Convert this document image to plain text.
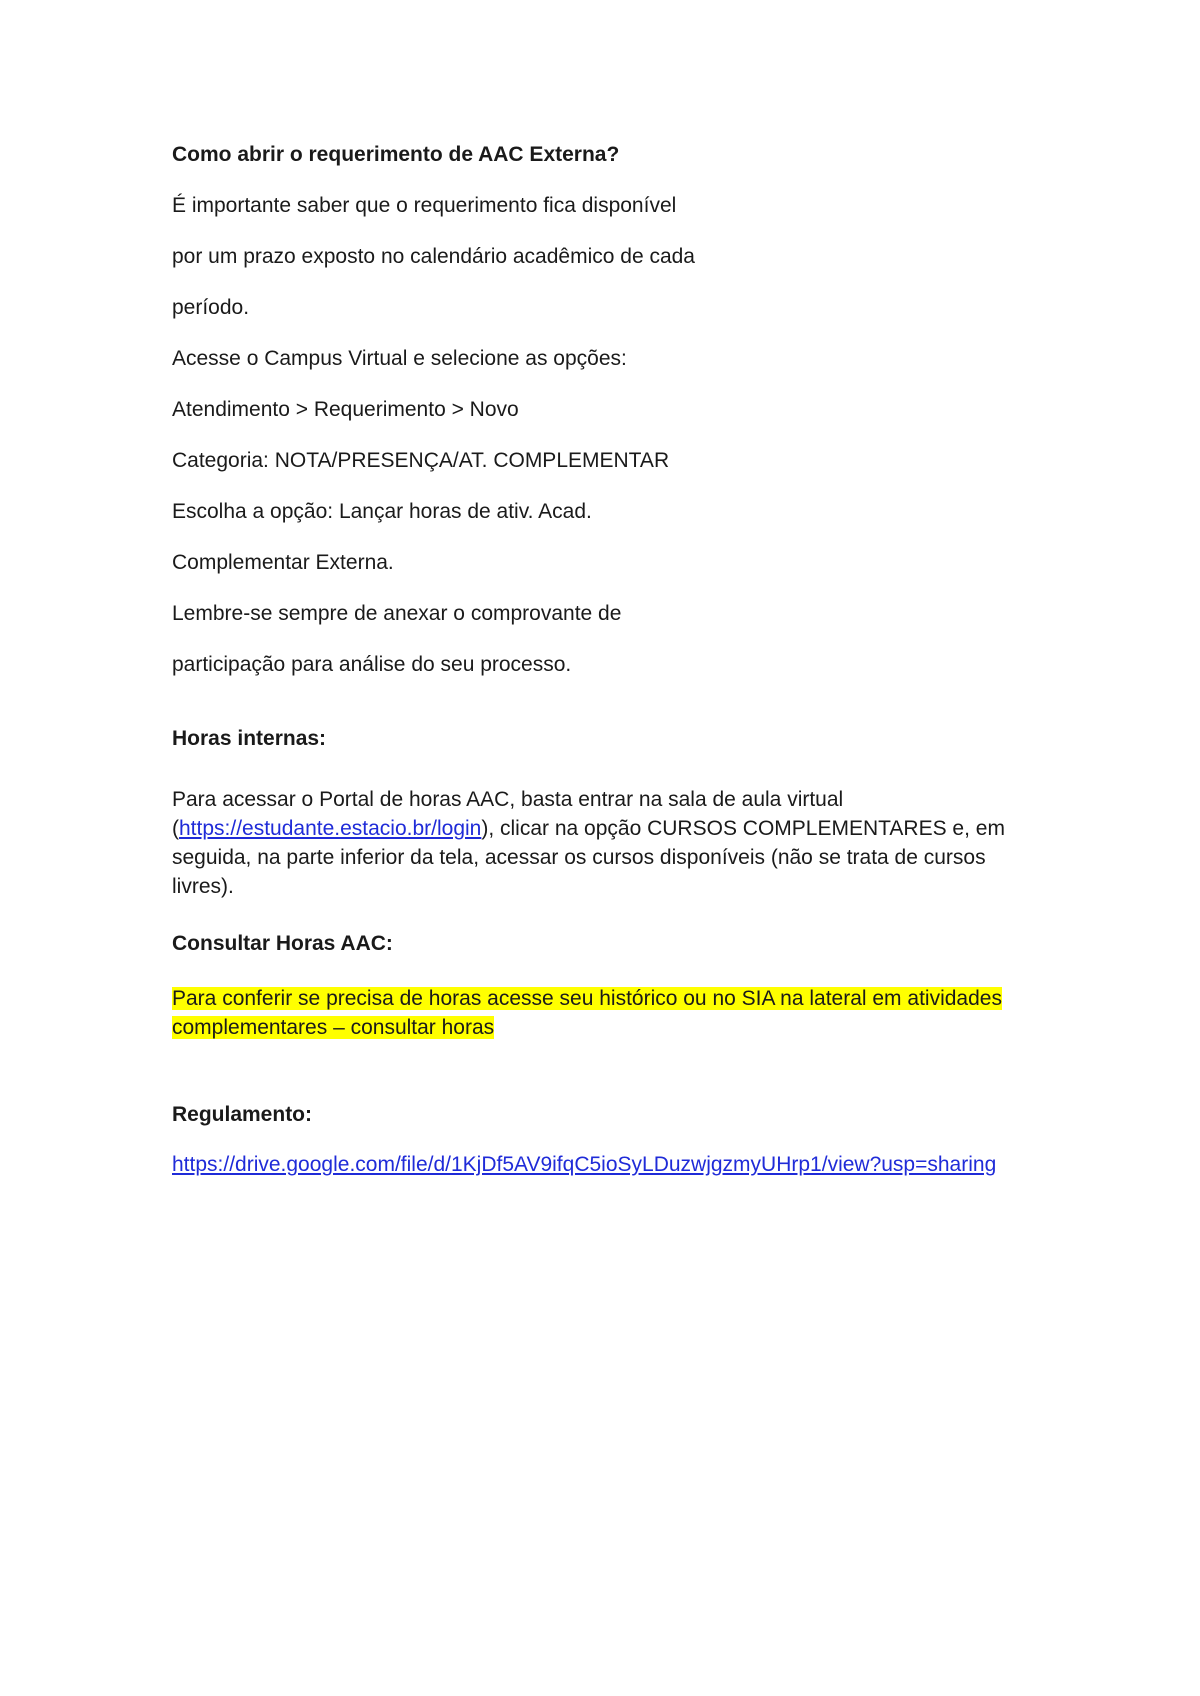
Como abrir o requerimento de AAC Externa?

É importante saber que o requerimento fica disponível

por um prazo exposto no calendário acadêmico de cada

período.

Acesse o Campus Virtual e selecione as opções:

Atendimento > Requerimento > Novo

Categoria: NOTA/PRESENÇA/AT. COMPLEMENTAR

Escolha a opção: Lançar horas de ativ. Acad.

Complementar Externa.

Lembre-se sempre de anexar o comprovante de

participação para análise do seu processo.

Horas internas:

Para acessar o Portal de horas AAC, basta entrar na sala de aula virtual (https://estudante.estacio.br/login), clicar na opção CURSOS COMPLEMENTARES e, em seguida, na parte inferior da tela, acessar os cursos disponíveis (não se trata de cursos livres).

Consultar Horas AAC:

Para conferir se precisa de horas acesse seu histórico ou no SIA na lateral em atividades complementares – consultar horas

Regulamento:

https://drive.google.com/file/d/1KjDf5AV9ifqC5ioSyLDuzwjgzmyUHrp1/view?usp=sharing
